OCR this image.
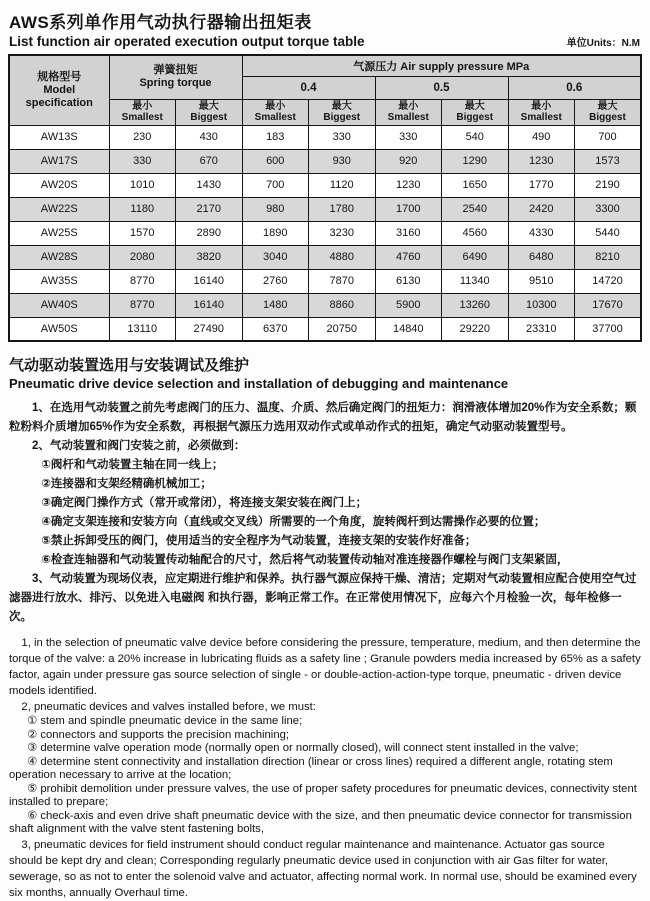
AWS系列单作用气动执行器输出扭矩表
List function air operated execution output torque table	单位Units：N.M
规格型号
Model specification

弹簧扭矩
Spring torque
	气源压力 Air supply pressure MPa
			0.4		0.5		0.6	

最小
Smallest

最大
Biggest

最小
Smallest

最大
Biggest

最小
Smallest

最大
Biggest

最小
Smallest

最大
Biggest

AW13S	230	430	183	330	330	540	490	700
AW17S	330	670	600	930	920	1290	1230	1573
AW20S	1010	1430	700	1120	1230	1650	1770	2190
AW22S	1180	2170	980	1780	1700	2540	2420	3300
AW25S	1570	2890	1890	3230	3160	4560	4330	5440
AW28S	2080	3820	3040	4880	4760	6490	6480	8210
AW35S	8770	16140	2760	7870	6130	11340	9510	14720
AW40S	8770	16140	1480	8860	5900	13260	10300	17670
AW50S	13110	27490	6370	20750	14840	29220	23310	37700
气动驱动装置选用与安装调试及维护
Pneumatic drive device selection and installation of debugging and maintenance

1、在选用气动装置之前先考虑阀门的压力、温度、介质、然后确定阀门的扭矩力：润滑液体增加20%作为安全系数；颗粒粉料介质增加65%作为安全系数，再根据气源压力选用双动作式或单动作式的扭矩，确定气动驱动装置型号。

2、气动装置和阀门安装之前，必须做到：

①阀杆和气动装置主轴在同一线上；

②连接器和支架经精确机械加工；

③确定阀门操作方式（常开或常闭），将连接支架安装在阀门上；

④确定支架连接和安装方向（直线或交叉线）所需要的一个角度，旋转阀杆到达需操作必要的位置；

⑤禁止拆卸受压的阀门，使用适当的安全程序为气动装置，连接支架的安装作好准备；

⑥检查连轴器和气动装置传动轴配合的尺寸，然后将气动装置传动轴对准连接器作螺栓与阀门支架紧固，

3、气动装置为现场仪表，应定期进行维护和保养。执行器气源应保持干燥、清洁；定期对气动装置相应配合使用空气过滤器进行放水、排污、以免进入电磁阀 和执行器，影响正常工作。在正常使用情况下，应每六个月检验一次，每年检修一次。

1, in the selection of pneumatic valve device before considering the pressure, temperature, medium, and then determine the torque of the valve: a 20% increase in lubricating fluids as a safety line ; Granule powders media increased by 65% as a safety factor, again under pressure gas source selection of single - or double-action-action-type torque, pneumatic - driven device models identified.

2, pneumatic devices and valves installed before, we must:

① stem and spindle pneumatic device in the same line;

② connectors and supports the precision machining;

③ determine valve operation mode (normally open or normally closed), will connect stent installed in the valve;

④ determine stent connectivity and installation direction (linear or cross lines) required a different angle, rotating stem operation necessary to arrive at the location;

⑤ prohibit demolition under pressure valves, the use of proper safety procedures for pneumatic devices, connectivity stent installed to prepare;

⑥ check-axis and even drive shaft pneumatic device with the size, and then pneumatic device connector for transmission shaft alignment with the valve stent fastening bolts,

3, pneumatic devices for field instrument should conduct regular maintenance and maintenance. Actuator gas source should be kept dry and clean; Corresponding regularly pneumatic device used in conjunction with air Gas filter for water, sewerage, so as not to enter the solenoid valve and actuator, affecting normal work. In normal use, should be examined every six months, annually Overhaul time.
